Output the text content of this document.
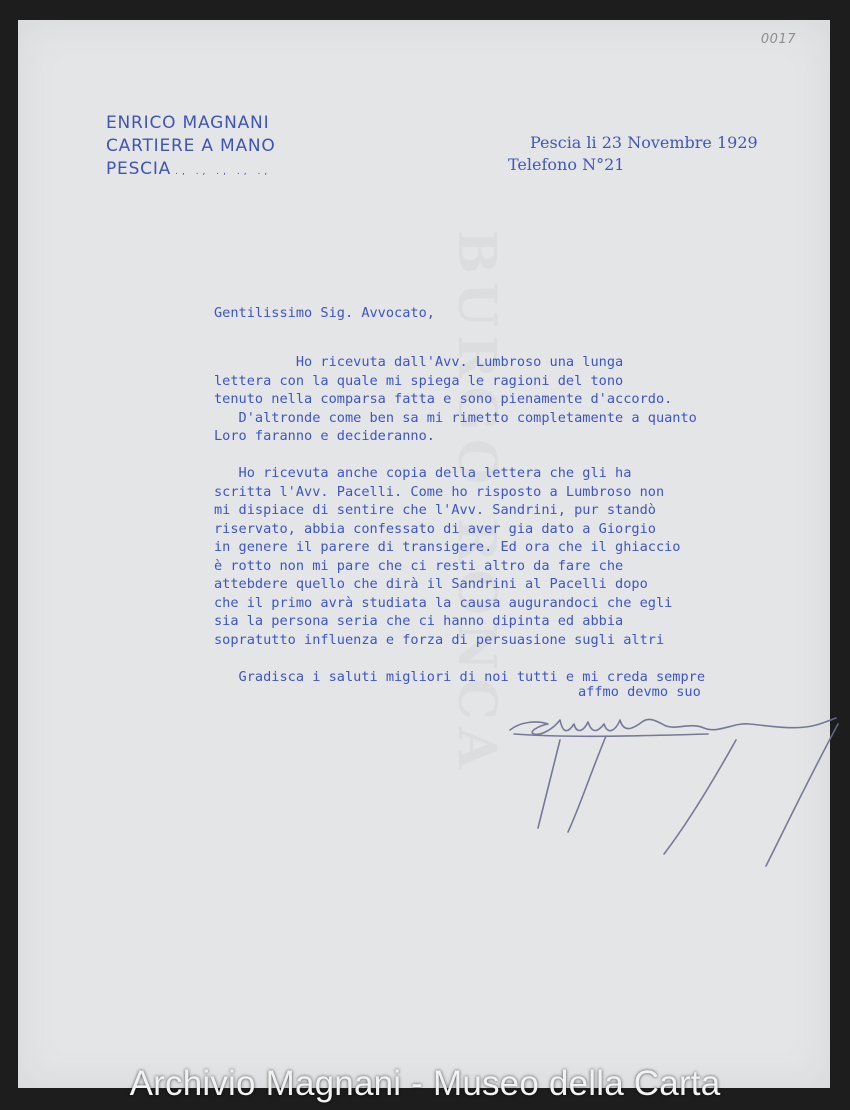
0017
ENRICO MAGNANI
CARTIERE A MANO
PESCIA ., ., ., ., .,
Pescia li 23 Novembre 1929
Telefono N°21
BURGO RONCA
Ho ricevuta dall'Avv. Lumbroso una lunga
lettera con la quale mi spiega le ragioni del tono
tenuto nella comparsa fatta e sono pienamente d'accordo.
D'altronde come ben sa mi rimetto completamente a quanto
Loro faranno e decideranno.
Ho ricevuta anche copia della lettera che gli ha
scritta l'Avv. Pacelli. Come ho risposto a Lumbroso non
mi dispiace di sentire che l'Avv. Sandrini, pur standò
riservato, abbia confessato di aver gia dato a Giorgio
in genere il parere di transigere. Ed ora che il ghiaccio
è rotto non mi pare che ci resti altro da fare che
attebdere quello che dirà il Sandrini al Pacelli dopo
che il primo avrà studiata la causa augurandoci che egli
sia la persona seria che ci hanno dipinta ed abbia
sopratutto influenza e forza di persuasione sugli altri
Gradisca i saluti migliori di noi tutti e mi creda sempre
Gentilissimo Sig. Avvocato,
affmo devmo suo
Archivio Magnani - Museo della Carta
